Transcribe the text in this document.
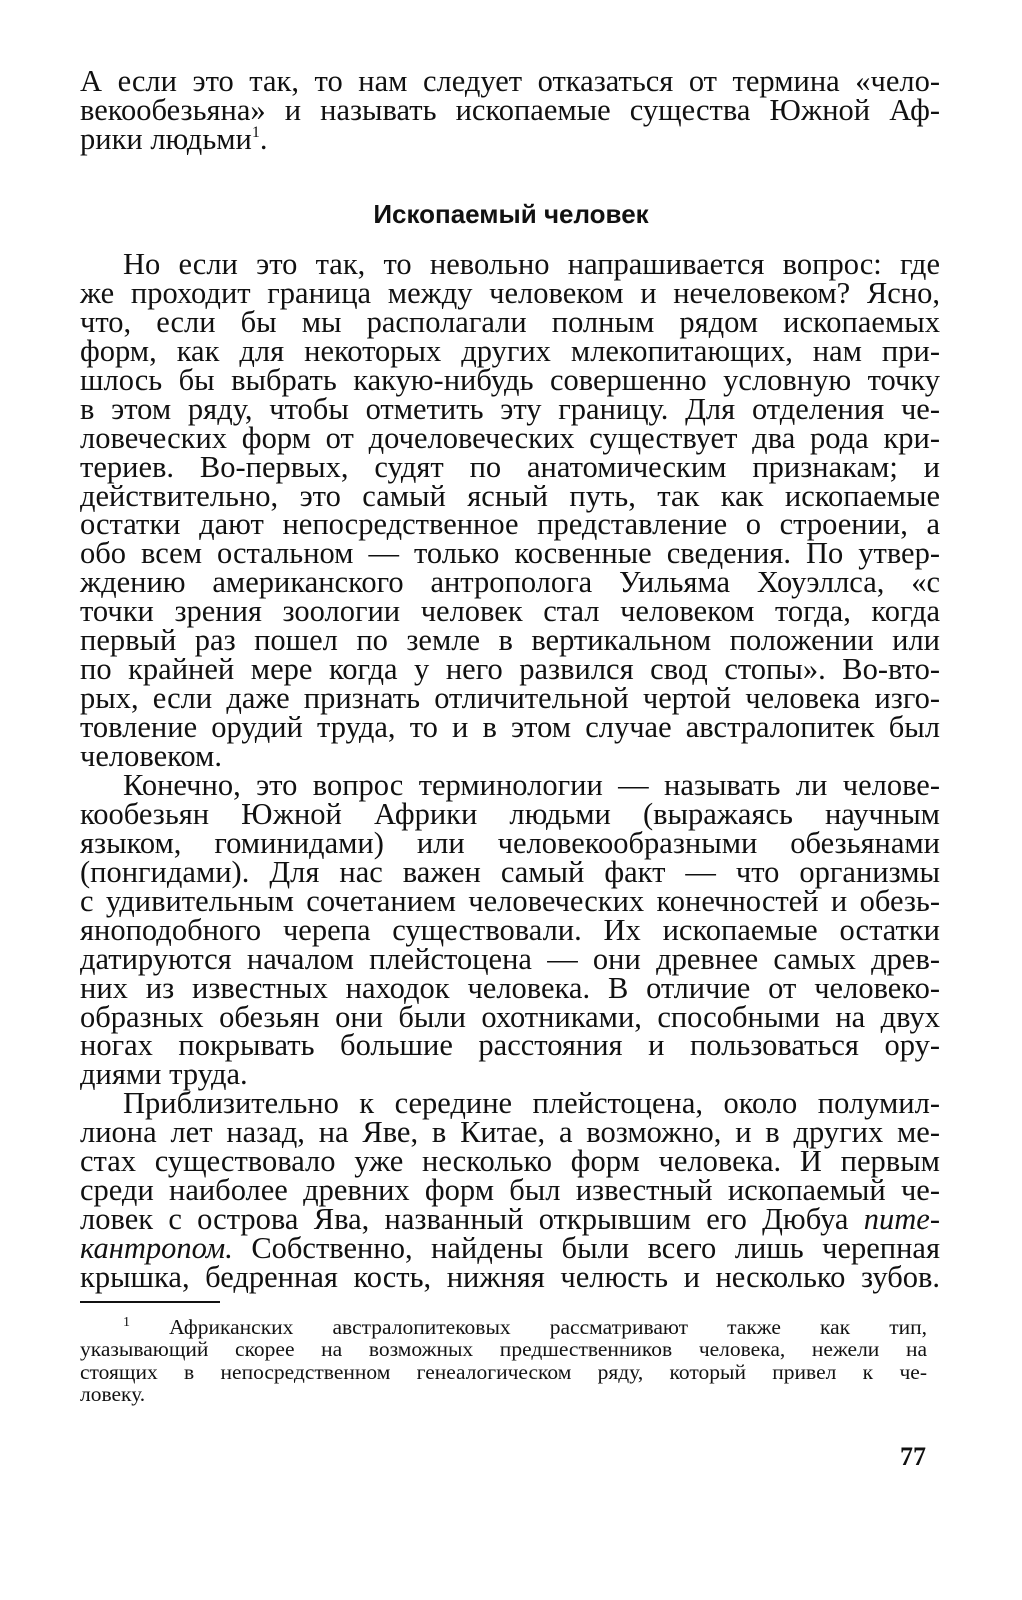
А если это так, то нам следует отказаться от термина «чело-
векообезьяна» и называть ископаемые существа Южной Аф-
рики людьми$^1$.
Ископаемый человек
Но если это так, то невольно напрашивается вопрос: где
же проходит граница между человеком и нечеловеком? Ясно,
что, если бы мы располагали полным рядом ископаемых
форм, как для некоторых других млекопитающих, нам при-
шлось бы выбрать какую-нибудь совершенно условную точку
в этом ряду, чтобы отметить эту границу. Для отделения че-
ловеческих форм от дочеловеческих существует два рода кри-
териев. Во-первых, судят по анатомическим признакам; и
действительно, это самый ясный путь, так как ископаемые
остатки дают непосредственное представление о строении, а
обо всем остальном — только косвенные сведения. По утвер-
ждению американского антрополога Уильяма Хоуэллса, «с
точки зрения зоологии человек стал человеком тогда, когда
первый раз пошел по земле в вертикальном положении или
по крайней мере когда у него развился свод стопы». Во-вто-
рых, если даже признать отличительной чертой человека изго-
товление орудий труда, то и в этом случае австралопитек был
человеком.
Конечно, это вопрос терминологии — называть ли челове-
кообезьян Южной Африки людьми (выражаясь научным
языком, гоминидами) или человекообразными обезьянами
(понгидами). Для нас важен самый факт — что организмы
с удивительным сочетанием человеческих конечностей и обезь-
яноподобного черепа существовали. Их ископаемые остатки
датируются началом плейстоцена — они древнее самых древ-
них из известных находок человека. В отличие от человеко-
образных обезьян они были охотниками, способными на двух
ногах покрывать большие расстояния и пользоваться ору-
диями труда.
Приблизительно к середине плейстоцена, около полумил-
лиона лет назад, на Яве, в Китае, а возможно, и в других ме-
стах существовало уже несколько форм человека. И первым
среди наиболее древних форм был известный ископаемый че-
ловек с острова Ява, названный открывшим его Дюбуа пите-
кантропом. Собственно, найдены были всего лишь черепная
крышка, бедренная кость, нижняя челюсть и несколько зубов.
$^1$ Африканских австралопитековых рассматривают также как тип,
указывающий скорее на возможных предшественников человека, нежели на
стоящих в непосредственном генеалогическом ряду, который привел к че-
ловеку.
77
